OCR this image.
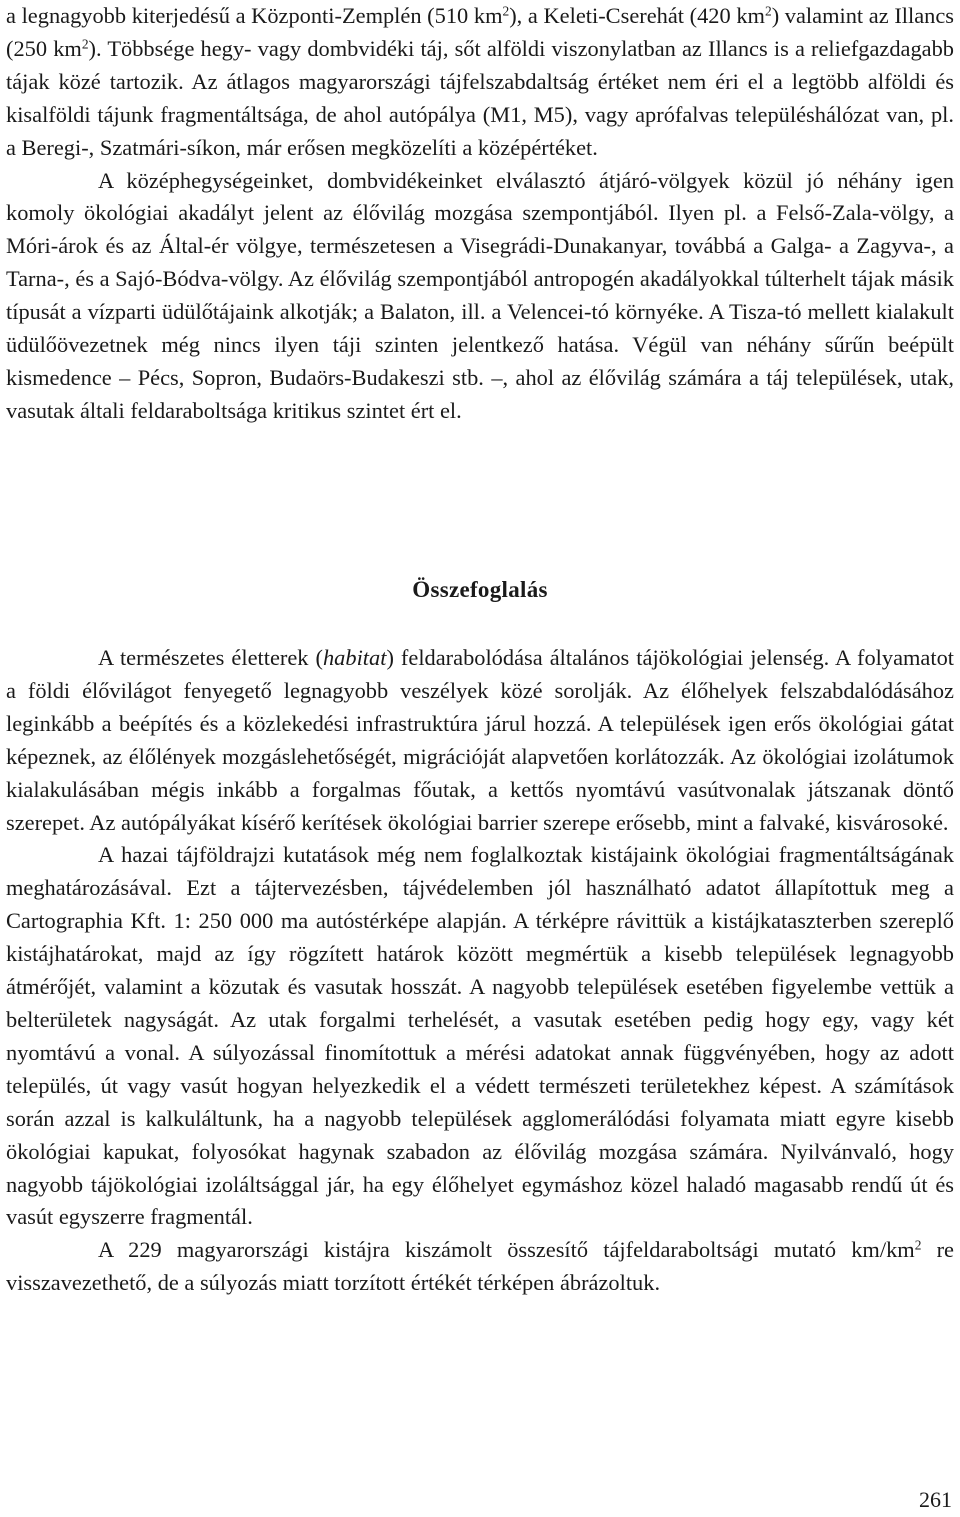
a legnagyobb kiterjedésű a Központi-Zemplén (510 $km^2$), a Keleti-Cserehát (420 $km^2$) valamint az Illancs (250 $km^2$). Többsége hegy- vagy dombvidéki táj, sőt alföldi viszonylatban az Illancs is a reliefgazdagabb tájak közé tartozik. Az átlagos magyarországi tájfelszabdaltság értéket nem éri el a legtöbb alföldi és kisalföldi tájunk fragmentáltsága, de ahol autópálya (M1, M5), vagy aprófalvas településhálózat van, pl. a Beregi-, Szatmári-síkon, már erősen megközelíti a középértéket.

A középhegységeinket, dombvidékeinket elválasztó átjáró-völgyek közül jó néhány igen komoly ökológiai akadályt jelent az élővilág mozgása szempontjából. Ilyen pl. a Felső-Zala-völgy, a Móri-árok és az Által-ér völgye, természetesen a Visegrádi-Dunakanyar, továbbá a Galga- a Zagyva-, a Tarna-, és a Sajó-Bódva-völgy. Az élővilág szempontjából antropogén akadályokkal túlterhelt tájak másik típusát a vízparti üdülőtájaink alkotják; a Balaton, ill. a Velencei-tó környéke. A Tisza-tó mellett kialakult üdülőövezetnek még nincs ilyen táji szinten jelentkező hatása. Végül van néhány sűrűn beépült kismedence – Pécs, Sopron, Budaörs-Budakeszi stb. –, ahol az élővilág számára a táj települések, utak, vasutak általi feldaraboltsága kritikus szintet ért el.

Összefoglalás

A természetes életterek (habitat) feldarabolódása általános tájökológiai jelenség. A folyamatot a földi élővilágot fenyegető legnagyobb veszélyek közé sorolják. Az élőhelyek felszabdalódásához leginkább a beépítés és a közlekedési infrastruktúra járul hozzá. A települések igen erős ökológiai gátat képeznek, az élőlények mozgáslehetőségét, migrációját alapvetően korlátozzák. Az ökológiai izolátumok kialakulásában mégis inkább a forgalmas főutak, a kettős nyomtávú vasútvonalak játszanak döntő szerepet. Az autópályákat kísérő kerítések ökológiai barrier szerepe erősebb, mint a falvaké, kisvárosoké.

A hazai tájföldrajzi kutatások még nem foglalkoztak kistájaink ökológiai fragmentáltságának meghatározásával. Ezt a tájtervezésben, tájvédelemben jól használható adatot állapítottuk meg a Cartographia Kft. 1: 250 000 ma autóstérképe alapján. A térképre rávittük a kistájkataszterben szereplő kistájhatárokat, majd az így rögzített határok között megmértük a kisebb települések legnagyobb átmérőjét, valamint a közutak és vasutak hosszát. A nagyobb települések esetében figyelembe vettük a belterületek nagyságát. Az utak forgalmi terhelését, a vasutak esetében pedig hogy egy, vagy két nyomtávú a vonal. A súlyozással finomítottuk a mérési adatokat annak függvényében, hogy az adott település, út vagy vasút hogyan helyezkedik el a védett természeti területekhez képest. A számítások során azzal is kalkuláltunk, ha a nagyobb települések agglomerálódási folyamata miatt egyre kisebb ökológiai kapukat, folyosókat hagynak szabadon az élővilág mozgása számára. Nyilvánvaló, hogy nagyobb tájökológiai izoláltsággal jár, ha egy élőhelyet egymáshoz közel haladó magasabb rendű út és vasút egyszerre fragmentál.

A 229 magyarországi kistájra kiszámolt összesítő tájfeldaraboltsági mutató $km/km^2$ re visszavezethető, de a súlyozás miatt torzított értékét térképen ábrázoltuk.

261
